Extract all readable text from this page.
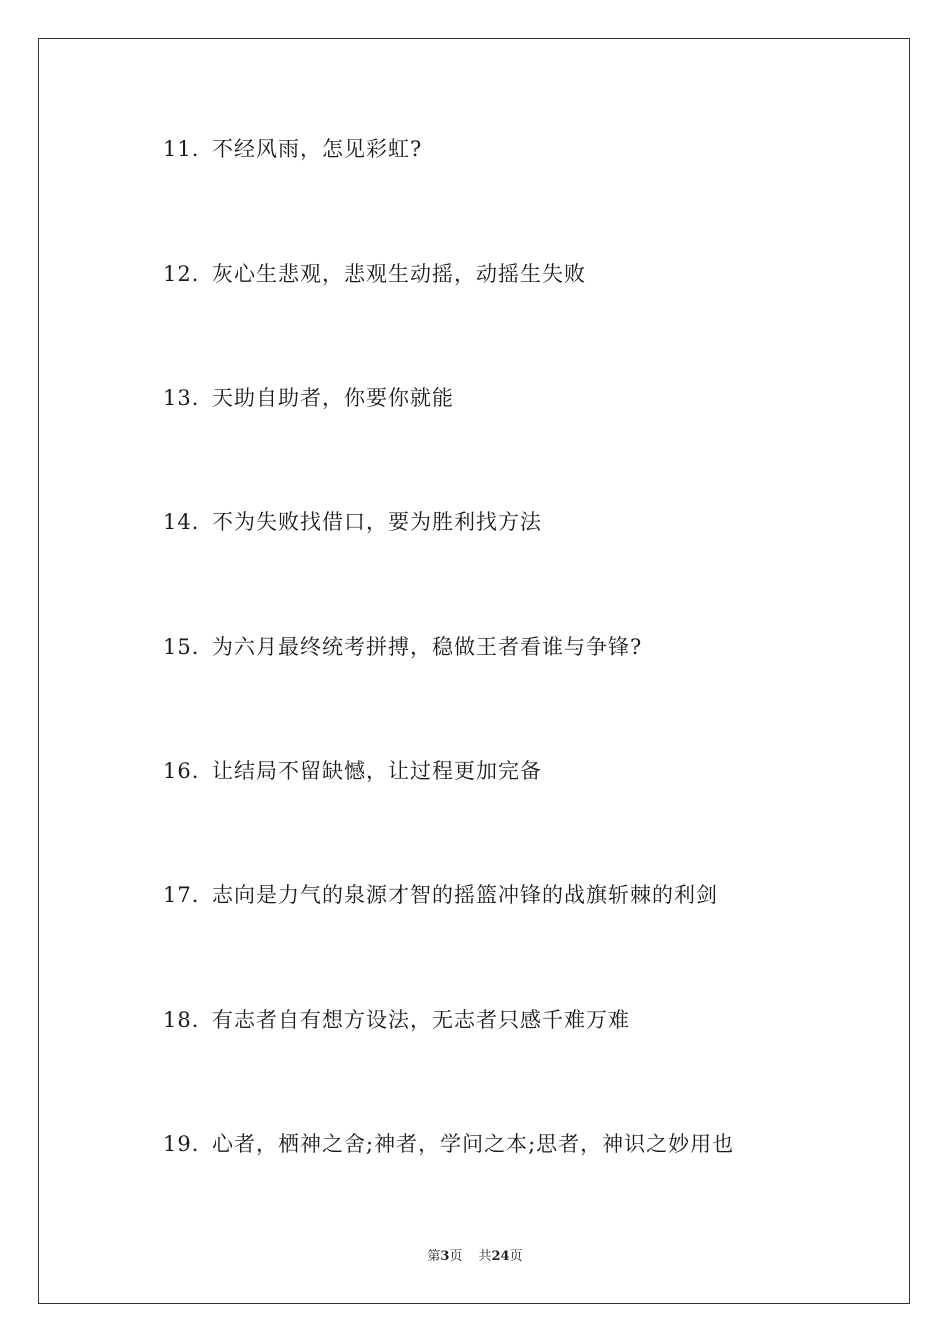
11. 不经风雨，怎见彩虹?
12. 灰心生悲观，悲观生动摇，动摇生失败
13. 天助自助者，你要你就能
14. 不为失败找借口，要为胜利找方法
15. 为六月最终统考拼搏，稳做王者看谁与争锋?
16. 让结局不留缺憾，让过程更加完备
17. 志向是力气的泉源才智的摇篮冲锋的战旗斩棘的利剑
18. 有志者自有想方设法，无志者只感千难万难
19. 心者，栖神之舍;神者，学问之本;思者，神识之妙用也
第3页 共24页
